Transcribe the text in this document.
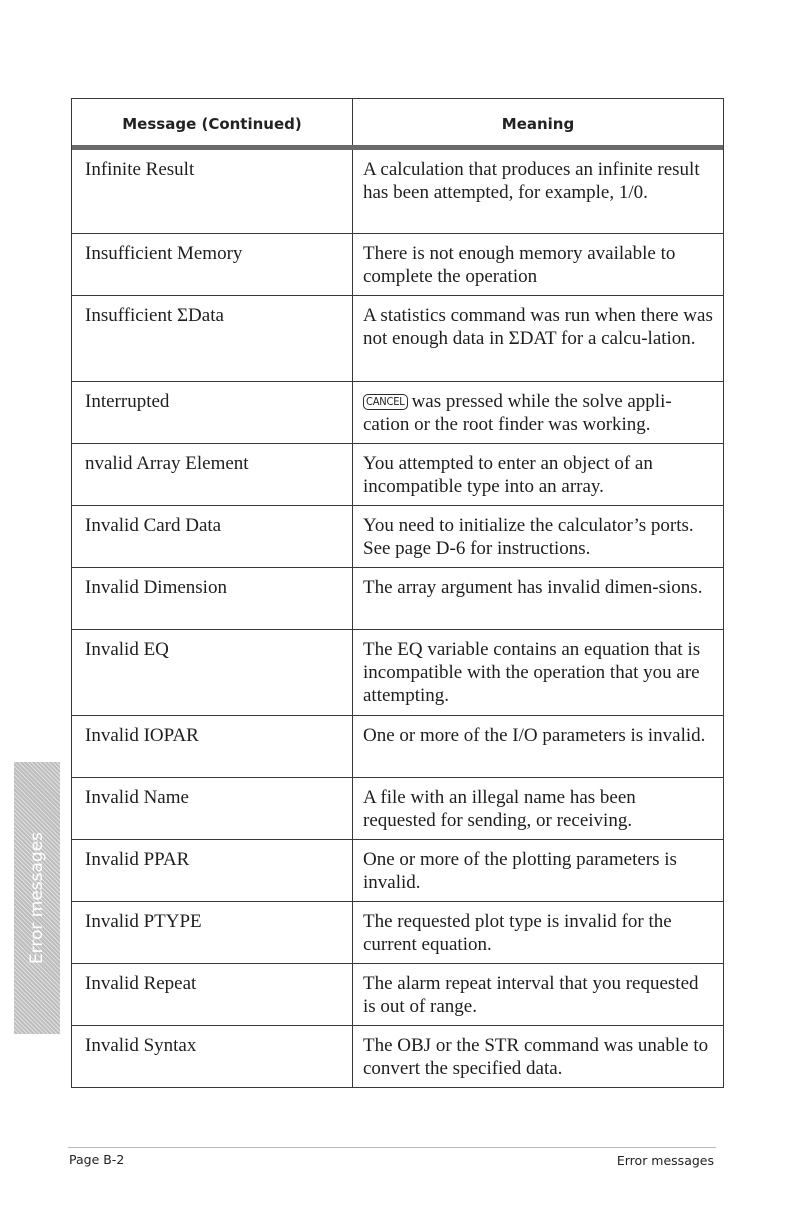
Message (Continued)	Meaning
Infinite Result	A calculation that produces an infinite result has been attempted, for example, 1/0.
Insufficient Memory	There is not enough memory available to complete the operation
Insufficient ΣData	A statistics command was run when there was not enough data in ΣDAT for a calcu-lation.
Interrupted	CANCEL was pressed while the solve appli-cation or the root finder was working.
nvalid Array Element	You attempted to enter an object of an incompatible type into an array.
Invalid Card Data	You need to initialize the calculator’s ports. See page D-6 for instructions.
Invalid Dimension	The array argument has invalid dimen-sions.
Invalid EQ	The EQ variable contains an equation that is incompatible with the operation that you are attempting.
Invalid IOPAR	One or more of the I/O parameters is invalid.
Invalid Name	A file with an illegal name has been requested for sending, or receiving.
Invalid PPAR	One or more of the plotting parameters is invalid.
Invalid PTYPE	The requested plot type is invalid for the current equation.
Invalid Repeat	The alarm repeat interval that you requested is out of range.
Invalid Syntax	The OBJ or the STR command was unable to convert the specified data.
Error messages
Page B-2	Error messages
